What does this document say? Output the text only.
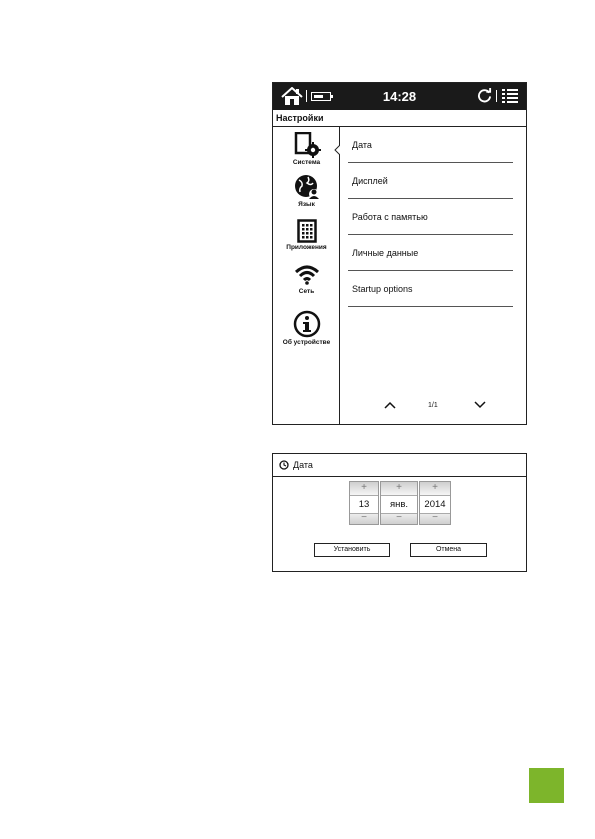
14:28
Настройки
Система
Язык
Приложения
Сеть
Об устройстве
Дата
Дисплей
Работа с памятью
Личные данные
Startup options
1/1
Дата
+
13
−
+
янв.
−
+
2014
−
Установить	Отмена
